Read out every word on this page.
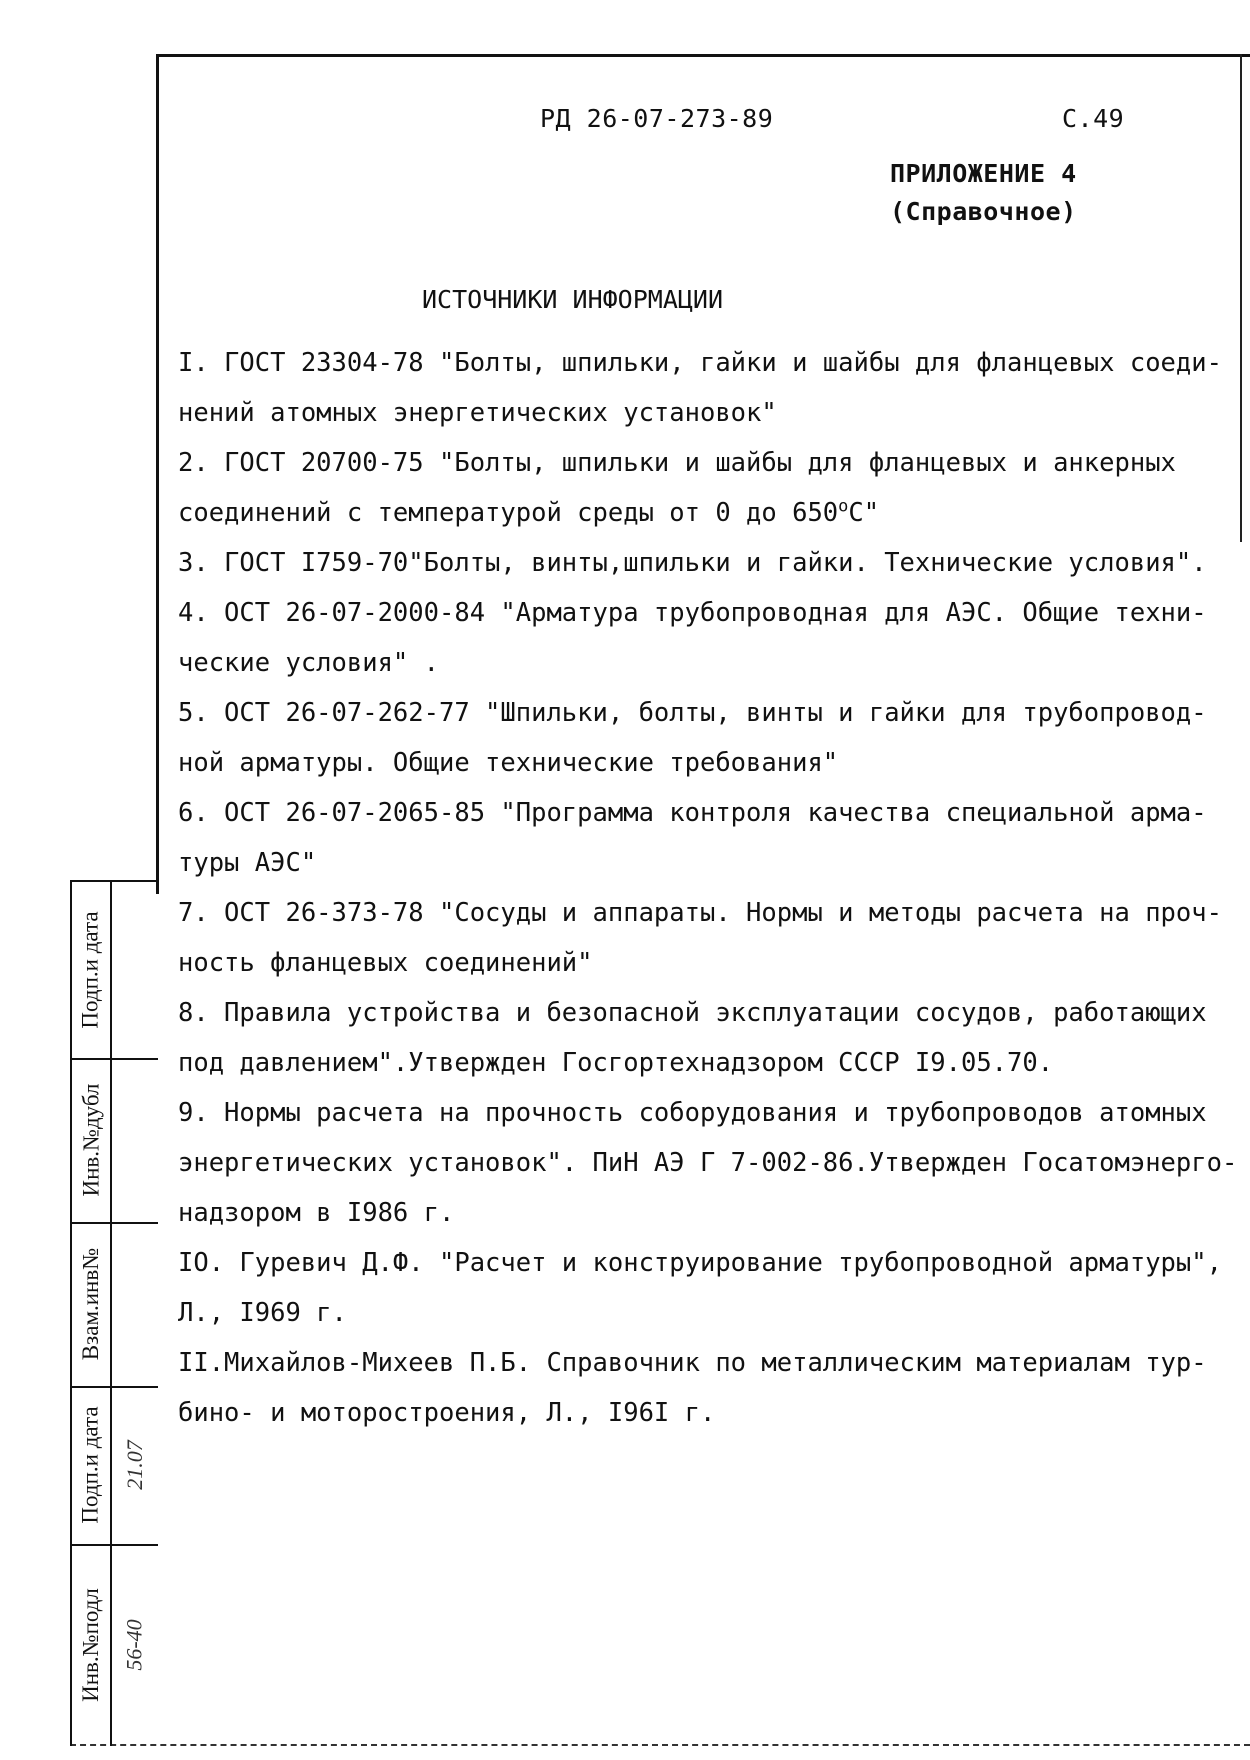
РД 26-07-273-89	С.49
ПРИЛОЖЕНИЕ 4
(Справочное)
ИСТОЧНИКИ ИНФОРМАЦИИ
I. ГОСТ 23304-78 "Болты, шпильки, гайки и шайбы для фланцевых соеди-
нений атомных энергетических установок"
2. ГОСТ 20700-75 "Болты, шпильки и шайбы для фланцевых и анкерных
соединений с температурой среды от 0 до 650$^o$С"
3. ГОСТ I759-70"Болты, винты,шпильки и гайки. Технические условия".
4. ОСТ 26-07-2000-84 "Арматура трубопроводная для АЭС. Общие техни-
ческие условия" .
5. ОСТ 26-07-262-77 "Шпильки, болты, винты и гайки для трубопровод-
ной арматуры. Общие технические требования"
6. ОСТ 26-07-2065-85 "Программа контроля качества специальной арма-
туры АЭС"
7. ОСТ 26-373-78 "Сосуды и аппараты. Нормы и методы расчета на проч-
ность фланцевых соединений"
8. Правила устройства и безопасной эксплуатации сосудов, работающих
под давлением".Утвержден Госгортехнадзором СССР I9.05.70.
9. Нормы расчета на прочность соборудования и трубопроводов атомных
энергетических установок". ПиН АЭ Г 7-002-86.Утвержден Госатомэнерго-
надзором в I986 г.
IO. Гуревич Д.Ф. "Расчет и конструирование трубопроводной арматуры",
Л., I969 г.
II.Михайлов-Михеев П.Б. Справочник по металлическим материалам тур-
бино- и моторостроения, Л., I96I г.
Подп.и дата
Инв.№дубл
Взам.инв№
Подп.и дата 21.07
Инв.№подл 56-40
